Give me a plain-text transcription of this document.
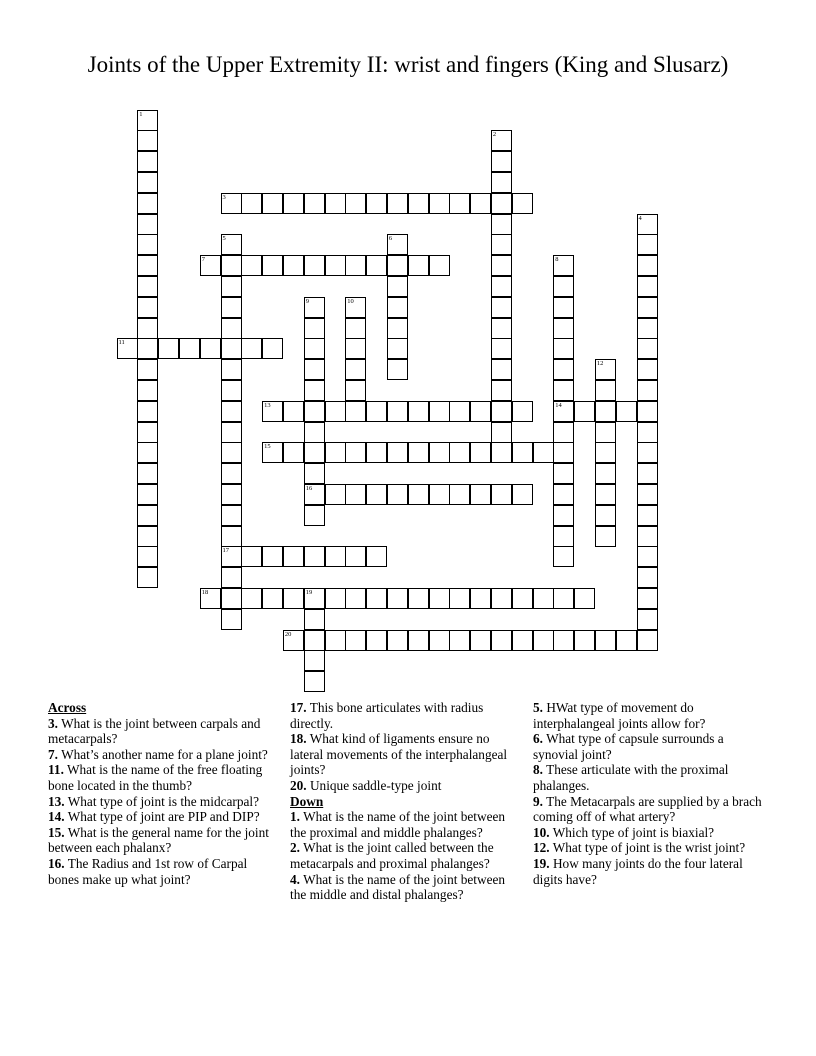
Joints of the Upper Extremity II: wrist and fingers (King and Slusarz)
1
2
3
4
5
17
6
7	8
14
9
16
10
11
12
13
15
18	19
20
Across
3. What is the joint between carpals and metacarpals?
7. What’s another name for a plane joint?
11. What is the name of the free floating bone located in the thumb?
13. What type of joint is the midcarpal?
14. What type of joint are PIP and DIP?
15. What is the general name for the joint between each phalanx?
16. The Radius and 1st row of Carpal bones make up what joint?
17. This bone articulates with radius directly.
18. What kind of ligaments ensure no lateral movements of the interphalangeal joints?
20. Unique saddle-type joint
Down
1. What is the name of the joint between the proximal and middle phalanges?
2. What is the joint called between the metacarpals and proximal phalanges?
4. What is the name of the joint between the middle and distal phalanges?
5. HWat type of movement do interphalangeal joints allow for?
6. What type of capsule surrounds a synovial joint?
8. These articulate with the proximal phalanges.
9. The Metacarpals are supplied by a brach coming off of what artery?
10. Which type of joint is biaxial?
12. What type of joint is the wrist joint?
19. How many joints do the four lateral digits have?
